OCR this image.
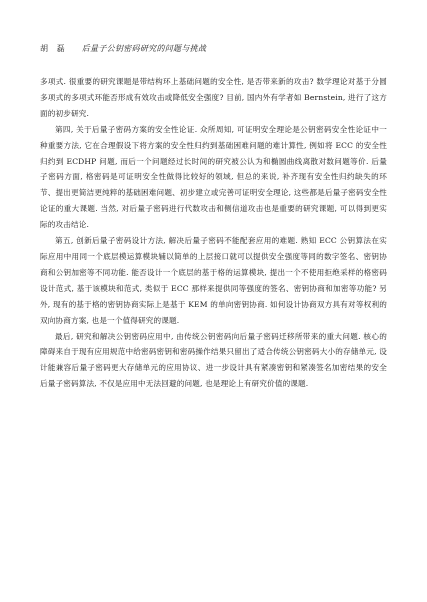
胡　磊 后量子公钥密码研究的问题与挑战

多项式. 很重要的研究课题是带结构环上基础问题的安全性, 是否带来新的攻击? 数学理论对基于分圆多项式的多项式环能否形成有效攻击或降低安全强度? 目前, 国内外有学者如 Bernstein, 进行了这方面的初步研究.

第四, 关于后量子密码方案的安全性论证. 众所周知, 可证明安全理论是公钥密码安全性论证中一种重要方法, 它在合理假设下将方案的安全性归约到基础困难问题的难计算性, 例如将 ECC 的安全性归约到 ECDHP 问题, 而后一个问题经过长时间的研究被公认为和椭圆曲线离散对数问题等价. 后量子密码方面, 格密码是可证明安全性做得比较好的领域, 但总的来说, 补齐现有安全性归约缺失的环节、提出更简洁更纯粹的基础困难问题、初步建立或完善可证明安全理论, 这些都是后量子密码安全性论证的重大课题. 当然, 对后量子密码进行代数攻击和侧信道攻击也是重要的研究课题, 可以得到更实际的攻击结论.

第五, 创新后量子密码设计方法, 解决后量子密码不能配套应用的难题. 熟知 ECC 公钥算法在实际应用中用同一个底层模运算模块辅以简单的上层接口就可以提供安全强度等同的数字签名、密钥协商和公钥加密等不同功能. 能否设计一个底层的基于格的运算模块, 提出一个不使用拒绝采样的格密码设计范式, 基于该模块和范式, 类似于 ECC 那样来提供同等强度的签名、密钥协商和加密等功能? 另外, 现有的基于格的密钥协商实际上是基于 KEM 的单向密钥协商. 如何设计协商双方具有对等权利的双向协商方案, 也是一个值得研究的课题.

最后, 研究和解决公钥密码应用中, 由传统公钥密码向后量子密码迁移所带来的重大问题. 核心的障碍来自于现有应用规范中给密码密钥和密码操作结果只留出了适合传统公钥密码大小的存储单元, 设计能兼容后量子密码更大存储单元的应用协议、进一步设计具有紧凑密钥和紧凑签名加密结果的安全后量子密码算法, 不仅是应用中无法回避的问题, 也是理论上有研究价值的课题.
